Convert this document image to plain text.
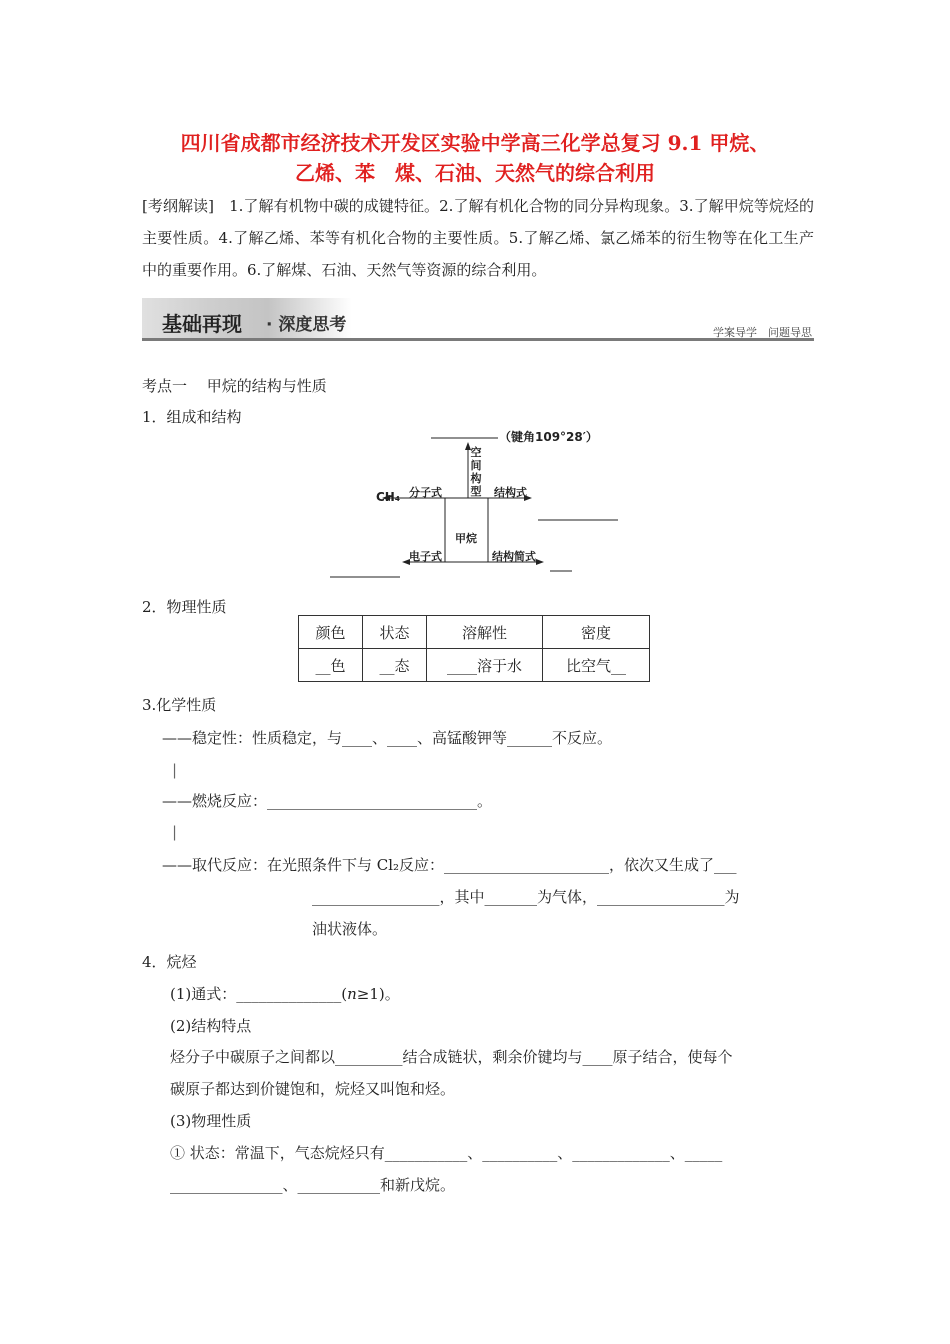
四川省成都市经济技术开发区实验中学高三化学总复习 9.1 甲烷、
乙烯、苯　煤、石油、天然气的综合利用
[考纲解读]　1.了解有机物中碳的成键特征。2.了解有机化合物的同分异构现象。3.了解甲烷等烷烃的主要性质。4.了解乙烯、苯等有机化合物的主要性质。5.了解乙烯、氯乙烯苯的衍生物等在化工生产中的重要作用。6.了解煤、石油、天然气等资源的综合利用。
基础再现 · 深度思考	学案导学　问题导思
考点一　 甲烷的结构与性质
1．组成和结构
（键角109°28′）
空间构型
CH₄ 分子式	结构式
甲烷
电子式	结构简式
2．物理性质
颜色	状态	溶解性	密度
__色	__态	____溶于水	比空气__
3.化学性质
——稳定性：性质稳定，与____、____、高锰酸钾等______不反应。
|
——燃烧反应：____________________________。
|
——取代反应：在光照条件下与 Cl₂反应：______________________，依次又生成了___
_________________，其中_______为气体，_________________为
油状液体。
4．烷烃
(1)通式：______________(n≥1)。
(2)结构特点
烃分子中碳原子之间都以_________结合成链状，剩余价键均与____原子结合，使每个
碳原子都达到价键饱和，烷烃又叫饱和烃。
(3)物理性质
① 状态：常温下，气态烷烃只有___________、__________、_____________、_____
_______________、___________和新戊烷。
